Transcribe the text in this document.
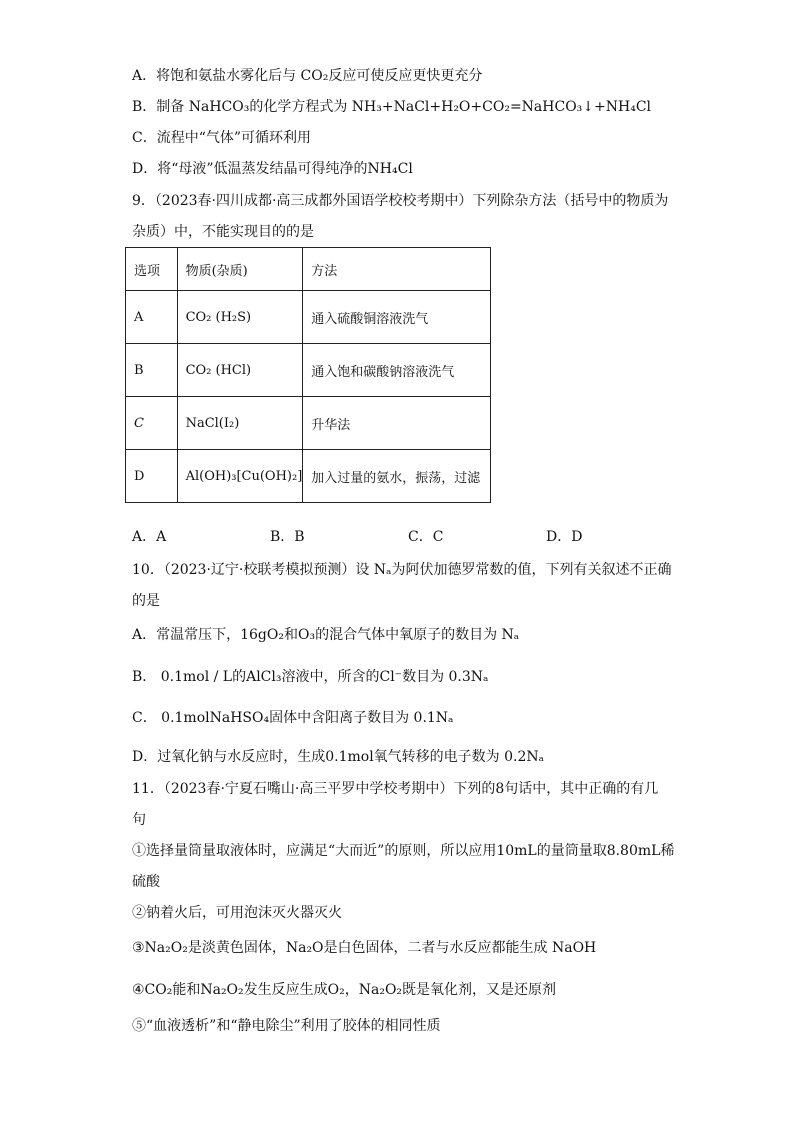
A．将饱和氨盐水雾化后与 CO₂反应可使反应更快更充分
B．制备 NaHCO₃的化学方程式为 NH₃+NaCl+H₂O+CO₂=NaHCO₃↓+NH₄Cl
C．流程中“气体”可循环利用
D．将“母液”低温蒸发结晶可得纯净的NH₄Cl
9．（2023春·四川成都·高三成都外国语学校校考期中）下列除杂方法（括号中的物质为
杂质）中，不能实现目的的是
选项	物质(杂质)	方法
A	CO₂ (H₂S)	通入硫酸铜溶液洗气
B	CO₂ (HCl)	通入饱和碳酸钠溶液洗气
C	NaCl(I₂)	升华法
D	Al(OH)₃[Cu(OH)₂]	加入过量的氨水，振荡，过滤
A．A	B．B	C．C	D．D
10．（2023·辽宁·校联考模拟预测）设 Nₐ为阿伏加德罗常数的值，下列有关叙述不正确
的是
A．常温常压下，16gO₂和O₃的混合气体中氧原子的数目为 Nₐ
B． 0.1mol / L的AlCl₃溶液中，所含的Cl⁻数目为 0.3Nₐ
C． 0.1molNaHSO₄固体中含阳离子数目为 0.1Nₐ
D．过氧化钠与水反应时，生成0.1mol氧气转移的电子数为 0.2Nₐ
11．（2023春·宁夏石嘴山·高三平罗中学校考期中）下列的8句话中，其中正确的有几
句
①选择量筒量取液体时，应满足“大而近”的原则，所以应用10mL的量筒量取8.80mL稀
硫酸
②钠着火后，可用泡沫灭火器灭火
③Na₂O₂是淡黄色固体，Na₂O是白色固体，二者与水反应都能生成 NaOH
④CO₂能和Na₂O₂发生反应生成O₂，Na₂O₂既是氧化剂，又是还原剂
⑤“血液透析”和“静电除尘”利用了胶体的相同性质
